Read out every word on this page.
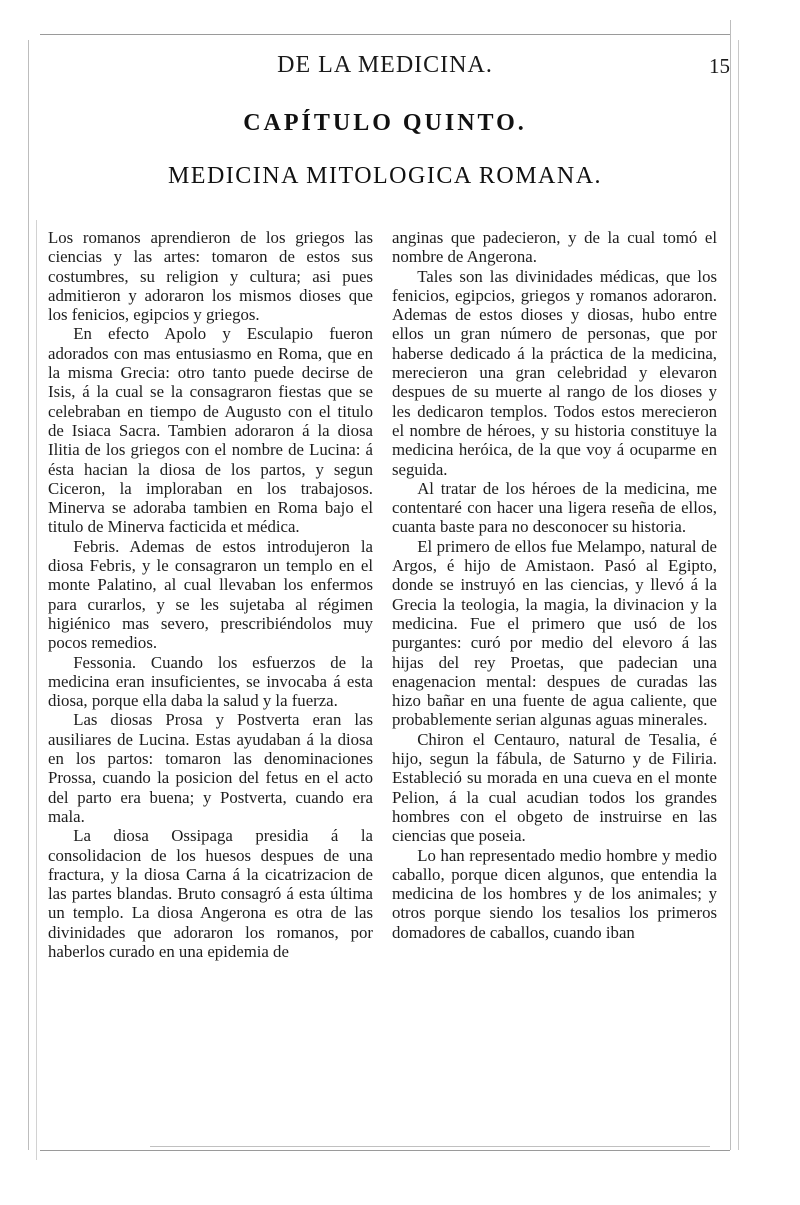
DE LA MEDICINA.	15
CAPÍTULO QUINTO.
MEDICINA MITOLOGICA ROMANA.

Los romanos aprendieron de los griegos las ciencias y las artes: tomaron de estos sus costumbres, su religion y cultura; asi pues admitieron y adoraron los mismos dioses que los fenicios, egipcios y griegos.

En efecto Apolo y Esculapio fueron adorados con mas entusiasmo en Roma, que en la misma Grecia: otro tanto puede decirse de Isis, á la cual se la consagraron fiestas que se celebraban en tiempo de Augusto con el titulo de Isiaca Sacra. Tambien adoraron á la diosa Ilitia de los griegos con el nombre de Lucina: á ésta hacian la diosa de los partos, y segun Ciceron, la imploraban en los trabajosos. Minerva se adoraba tambien en Roma bajo el titulo de Minerva facticida et médica.

Febris. Ademas de estos introdujeron la diosa Febris, y le consagraron un templo en el monte Palatino, al cual llevaban los enfermos para curarlos, y se les sujetaba al régimen higiénico mas severo, prescribiéndolos muy pocos remedios.

Fessonia. Cuando los esfuerzos de la medicina eran insuficientes, se invocaba á esta diosa, porque ella daba la salud y la fuerza.

Las diosas Prosa y Postverta eran las ausiliares de Lucina. Estas ayudaban á la diosa en los partos: tomaron las denominaciones Prossa, cuando la posicion del fetus en el acto del parto era buena; y Postverta, cuando era mala.

La diosa Ossipaga presidia á la consolidacion de los huesos despues de una fractura, y la diosa Carna á la cicatrizacion de las partes blandas. Bruto consagró á esta última un templo. La diosa Angerona es otra de las divinidades que adoraron los romanos, por haberlos curado en una epidemia de

anginas que padecieron, y de la cual tomó el nombre de Angerona.

Tales son las divinidades médicas, que los fenicios, egipcios, griegos y romanos adoraron. Ademas de estos dioses y diosas, hubo entre ellos un gran número de personas, que por haberse dedicado á la práctica de la medicina, merecieron una gran celebridad y elevaron despues de su muerte al rango de los dioses y les dedicaron templos. Todos estos merecieron el nombre de héroes, y su historia constituye la medicina heróica, de la que voy á ocuparme en seguida.

Al tratar de los héroes de la medicina, me contentaré con hacer una ligera reseña de ellos, cuanta baste para no desconocer su historia.

El primero de ellos fue Melampo, natural de Argos, é hijo de Amistaon. Pasó al Egipto, donde se instruyó en las ciencias, y llevó á la Grecia la teologia, la magia, la divinacion y la medicina. Fue el primero que usó de los purgantes: curó por medio del elevoro á las hijas del rey Proetas, que padecian una enagenacion mental: despues de curadas las hizo bañar en una fuente de agua caliente, que probablemente serian algunas aguas minerales.

Chiron el Centauro, natural de Tesalia, é hijo, segun la fábula, de Saturno y de Filiria. Estableció su morada en una cueva en el monte Pelion, á la cual acudian todos los grandes hombres con el obgeto de instruirse en las ciencias que poseia.

Lo han representado medio hombre y medio caballo, porque dicen algunos, que entendia la medicina de los hombres y de los animales; y otros porque siendo los tesalios los primeros domadores de caballos, cuando iban
